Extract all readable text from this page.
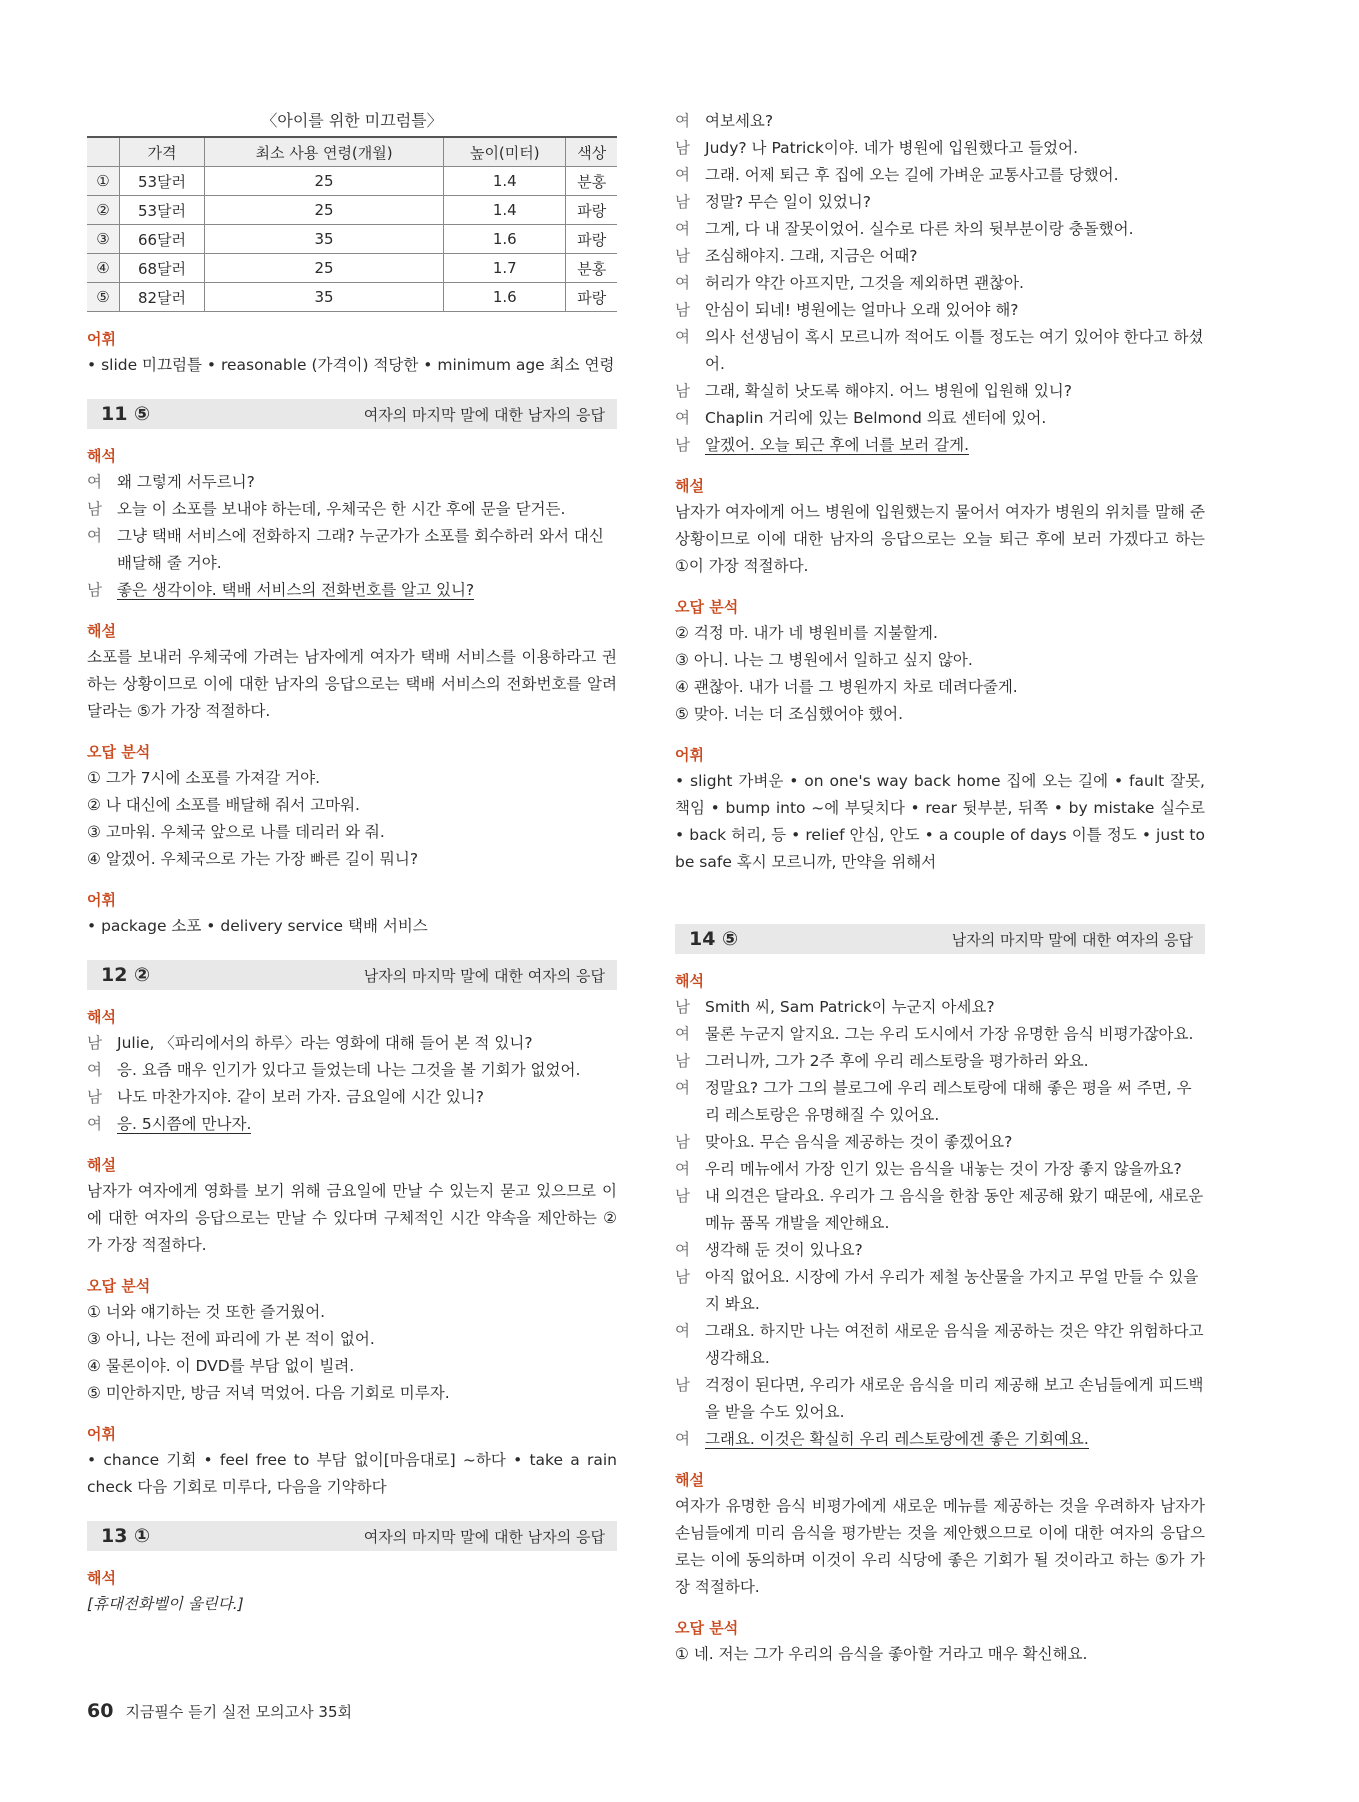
〈아이를 위한 미끄럼틀〉
	가격	최소 사용 연령(개월)	높이(미터)	색상
①	53달러	25	1.4	분홍
②	53달러	25	1.4	파랑
③	66달러	35	1.6	파랑
④	68달러	25	1.7	분홍
⑤	82달러	35	1.6	파랑
어휘
• slide 미끄럼틀 • reasonable (가격이) 적당한 • minimum age 최소 연령
11 ⑤	여자의 마지막 말에 대한 남자의 응답
해석
여 왜 그렇게 서두르니?
남 오늘 이 소포를 보내야 하는데, 우체국은 한 시간 후에 문을 닫거든.
여 그냥 택배 서비스에 전화하지 그래? 누군가가 소포를 회수하러 와서 대신 배달해 줄 거야.
남 좋은 생각이야. 택배 서비스의 전화번호를 알고 있니?
해설
소포를 보내러 우체국에 가려는 남자에게 여자가 택배 서비스를 이용하라고 권하는 상황이므로 이에 대한 남자의 응답으로는 택배 서비스의 전화번호를 알려 달라는 ⑤가 가장 적절하다.
오답 분석
① 그가 7시에 소포를 가져갈 거야.
② 나 대신에 소포를 배달해 줘서 고마워.
③ 고마워. 우체국 앞으로 나를 데리러 와 줘.
④ 알겠어. 우체국으로 가는 가장 빠른 길이 뭐니?
어휘
• package 소포 • delivery service 택배 서비스
12 ②	남자의 마지막 말에 대한 여자의 응답
해석
남 Julie, 〈파리에서의 하루〉라는 영화에 대해 들어 본 적 있니?
여 응. 요즘 매우 인기가 있다고 들었는데 나는 그것을 볼 기회가 없었어.
남 나도 마찬가지야. 같이 보러 가자. 금요일에 시간 있니?
여 응. 5시쯤에 만나자.
해설
남자가 여자에게 영화를 보기 위해 금요일에 만날 수 있는지 묻고 있으므로 이에 대한 여자의 응답으로는 만날 수 있다며 구체적인 시간 약속을 제안하는 ②가 가장 적절하다.
오답 분석
① 너와 얘기하는 것 또한 즐거웠어.
③ 아니, 나는 전에 파리에 가 본 적이 없어.
④ 물론이야. 이 DVD를 부담 없이 빌려.
⑤ 미안하지만, 방금 저녁 먹었어. 다음 기회로 미루자.
어휘
• chance 기회 • feel free to 부담 없이[마음대로] ~하다 • take a rain check 다음 기회로 미루다, 다음을 기약하다
13 ①	여자의 마지막 말에 대한 남자의 응답
해석
[휴대전화벨이 울린다.]
여 여보세요?
남 Judy? 나 Patrick이야. 네가 병원에 입원했다고 들었어.
여 그래. 어제 퇴근 후 집에 오는 길에 가벼운 교통사고를 당했어.
남 정말? 무슨 일이 있었니?
여 그게, 다 내 잘못이었어. 실수로 다른 차의 뒷부분이랑 충돌했어.
남 조심해야지. 그래, 지금은 어때?
여 허리가 약간 아프지만, 그것을 제외하면 괜찮아.
남 안심이 되네! 병원에는 얼마나 오래 있어야 해?
여 의사 선생님이 혹시 모르니까 적어도 이틀 정도는 여기 있어야 한다고 하셨어.
남 그래, 확실히 낫도록 해야지. 어느 병원에 입원해 있니?
여 Chaplin 거리에 있는 Belmond 의료 센터에 있어.
남 알겠어. 오늘 퇴근 후에 너를 보러 갈게.
해설
남자가 여자에게 어느 병원에 입원했는지 물어서 여자가 병원의 위치를 말해 준 상황이므로 이에 대한 남자의 응답으로는 오늘 퇴근 후에 보러 가겠다고 하는 ①이 가장 적절하다.
오답 분석
② 걱정 마. 내가 네 병원비를 지불할게.
③ 아니. 나는 그 병원에서 일하고 싶지 않아.
④ 괜찮아. 내가 너를 그 병원까지 차로 데려다줄게.
⑤ 맞아. 너는 더 조심했어야 했어.
어휘
• slight 가벼운 • on one's way back home 집에 오는 길에 • fault 잘못, 책임 • bump into ~에 부딪치다 • rear 뒷부분, 뒤쪽 • by mistake 실수로 • back 허리, 등 • relief 안심, 안도 • a couple of days 이틀 정도 • just to be safe 혹시 모르니까, 만약을 위해서
14 ⑤	남자의 마지막 말에 대한 여자의 응답
해석
남 Smith 씨, Sam Patrick이 누군지 아세요?
여 물론 누군지 알지요. 그는 우리 도시에서 가장 유명한 음식 비평가잖아요.
남 그러니까, 그가 2주 후에 우리 레스토랑을 평가하러 와요.
여 정말요? 그가 그의 블로그에 우리 레스토랑에 대해 좋은 평을 써 주면, 우리 레스토랑은 유명해질 수 있어요.
남 맞아요. 무슨 음식을 제공하는 것이 좋겠어요?
여 우리 메뉴에서 가장 인기 있는 음식을 내놓는 것이 가장 좋지 않을까요?
남 내 의견은 달라요. 우리가 그 음식을 한참 동안 제공해 왔기 때문에, 새로운 메뉴 품목 개발을 제안해요.
여 생각해 둔 것이 있나요?
남 아직 없어요. 시장에 가서 우리가 제철 농산물을 가지고 무얼 만들 수 있을지 봐요.
여 그래요. 하지만 나는 여전히 새로운 음식을 제공하는 것은 약간 위험하다고 생각해요.
남 걱정이 된다면, 우리가 새로운 음식을 미리 제공해 보고 손님들에게 피드백을 받을 수도 있어요.
여 그래요. 이것은 확실히 우리 레스토랑에겐 좋은 기회예요.
해설
여자가 유명한 음식 비평가에게 새로운 메뉴를 제공하는 것을 우려하자 남자가 손님들에게 미리 음식을 평가받는 것을 제안했으므로 이에 대한 여자의 응답으로는 이에 동의하며 이것이 우리 식당에 좋은 기회가 될 것이라고 하는 ⑤가 가장 적절하다.
오답 분석
① 네. 저는 그가 우리의 음식을 좋아할 거라고 매우 확신해요.
60 지금필수 듣기 실전 모의고사 35회
